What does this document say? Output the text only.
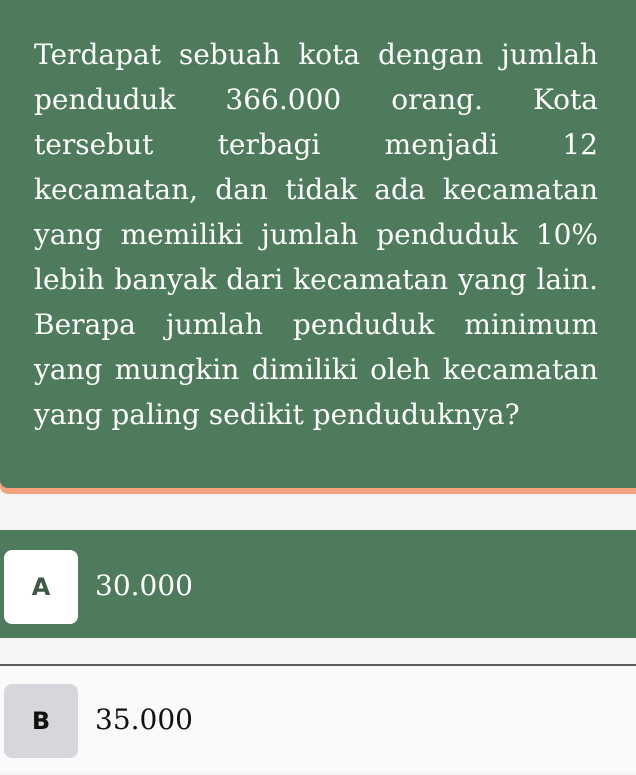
Terdapat sebuah kota dengan jumlah penduduk 366.000 orang. Kota tersebut terbagi menjadi 12 kecamatan, dan tidak ada kecamatan yang memiliki jumlah penduduk 10% lebih banyak dari kecamatan yang lain. Berapa jumlah penduduk minimum yang mungkin dimiliki oleh kecamatan yang paling sedikit penduduknya?

A	30.000
B	35.000
